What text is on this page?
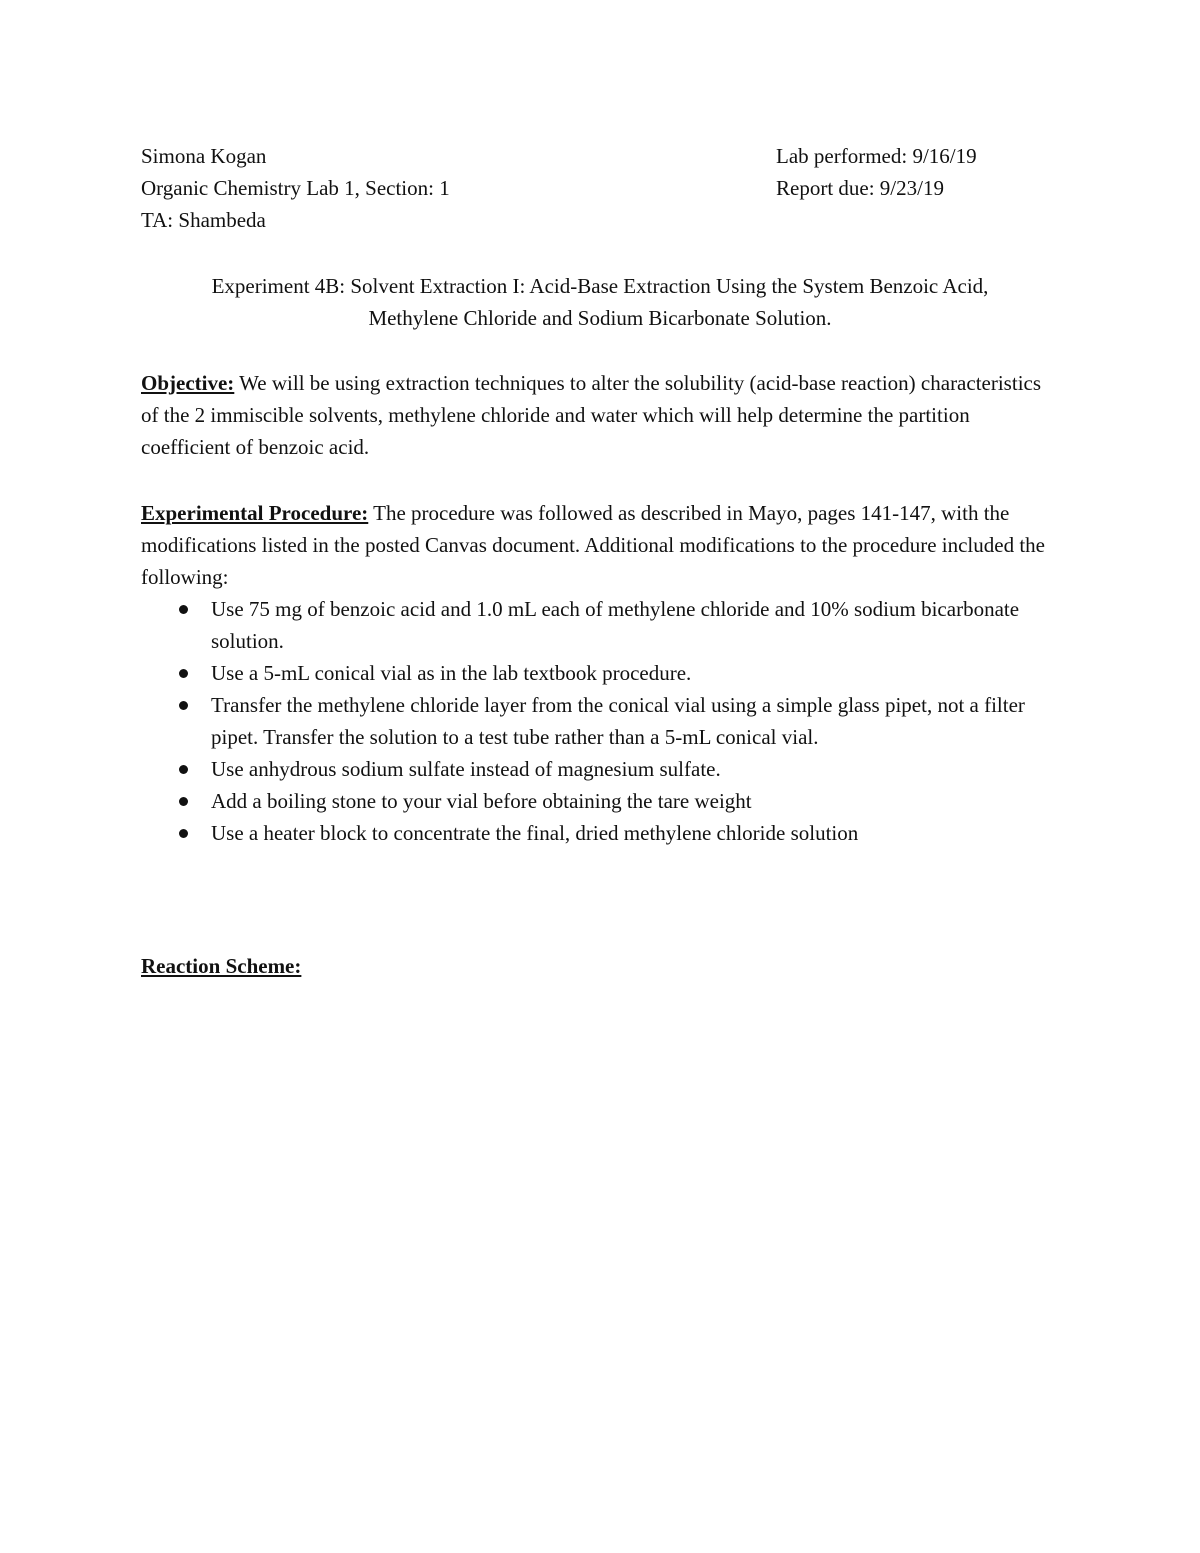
Simona Kogan	Lab performed: 9/16/19
Organic Chemistry Lab 1, Section: 1	Report due: 9/23/19
TA: Shambeda
Experiment 4B: Solvent Extraction I: Acid-Base Extraction Using the System Benzoic Acid,
Methylene Chloride and Sodium Bicarbonate Solution.

Objective: We will be using extraction techniques to alter the solubility (acid-base reaction) characteristics of the 2 immiscible solvents, methylene chloride and water which will help determine the partition coefficient of benzoic acid.

Experimental Procedure: The procedure was followed as described in Mayo, pages 141-147, with the modifications listed in the posted Canvas document. Additional modifications to the procedure included the following:

Use 75 mg of benzoic acid and 1.0 mL each of methylene chloride and 10% sodium bicarbonate solution.
Use a 5-mL conical vial as in the lab textbook procedure.
Transfer the methylene chloride layer from the conical vial using a simple glass pipet, not a filter pipet. Transfer the solution to a test tube rather than a 5-mL conical vial.
Use anhydrous sodium sulfate instead of magnesium sulfate.
Add a boiling stone to your vial before obtaining the tare weight
Use a heater block to concentrate the final, dried methylene chloride solution
Reaction Scheme:
